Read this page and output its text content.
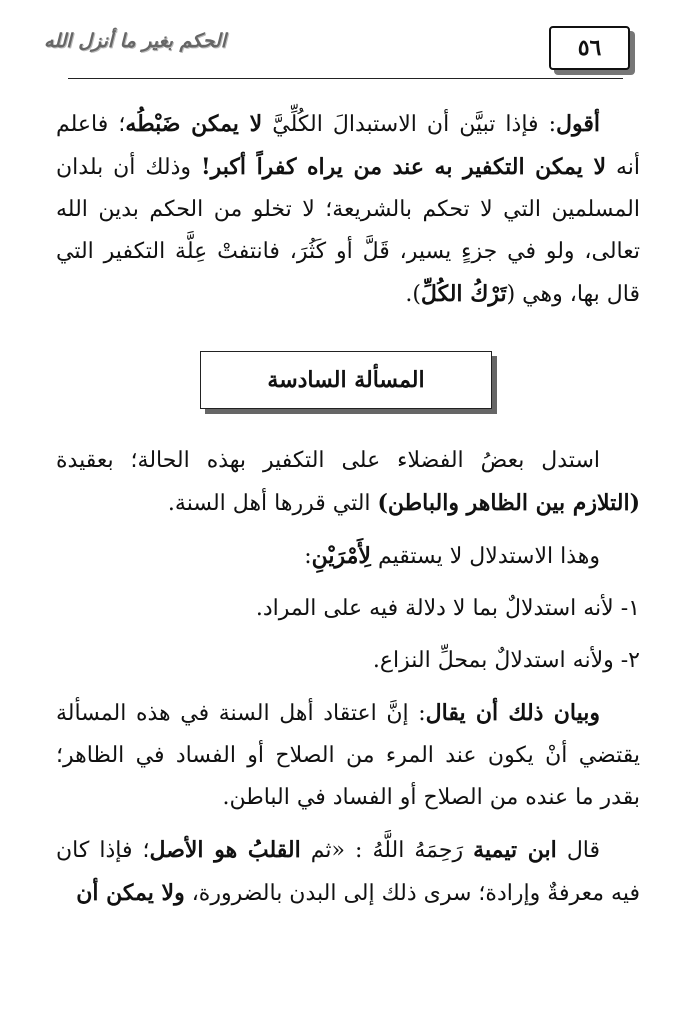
٥٦
الحكم بغير ما أنزل الله

أقول: فإذا تبيَّن أن الاستبدالَ الكُلِّيَّ لا يمكن ضَبْطُه؛ فاعلم أنه لا يمكن التكفير به عند من يراه كفراً أكبر! وذلك أن بلدان المسلمين التي لا تحكم بالشريعة؛ لا تخلو من الحكم بدين الله تعالى، ولو في جزءٍ يسير، قَلَّ أو كَثُرَ، فانتفتْ عِلَّة التكفير التي قال بها، وهي (تَرْكُ الكُلِّ).

المسألة السادسة

استدل بعضُ الفضلاء على التكفير بهذه الحالة؛ بعقيدة (التلازم بين الظاهر والباطن) التي قررها أهل السنة.

وهذا الاستدلال لا يستقيم لِأَمْرَيْنِ:

١- لأنه استدلالٌ بما لا دلالة فيه على المراد.

٢- ولأنه استدلالٌ بمحلِّ النزاع.

وبيان ذلك أن يقال: إنَّ اعتقاد أهل السنة في هذه المسألة يقتضي أنْ يكون عند المرء من الصلاح أو الفساد في الظاهر؛ بقدر ما عنده من الصلاح أو الفساد في الباطن.

قال ابن تيمية رَحِمَهُ اللَّهُ : «ثم القلبُ هو الأصل؛ فإذا كان فيه معرفةٌ وإرادة؛ سرى ذلك إلى البدن بالضرورة، ولا يمكن أن
